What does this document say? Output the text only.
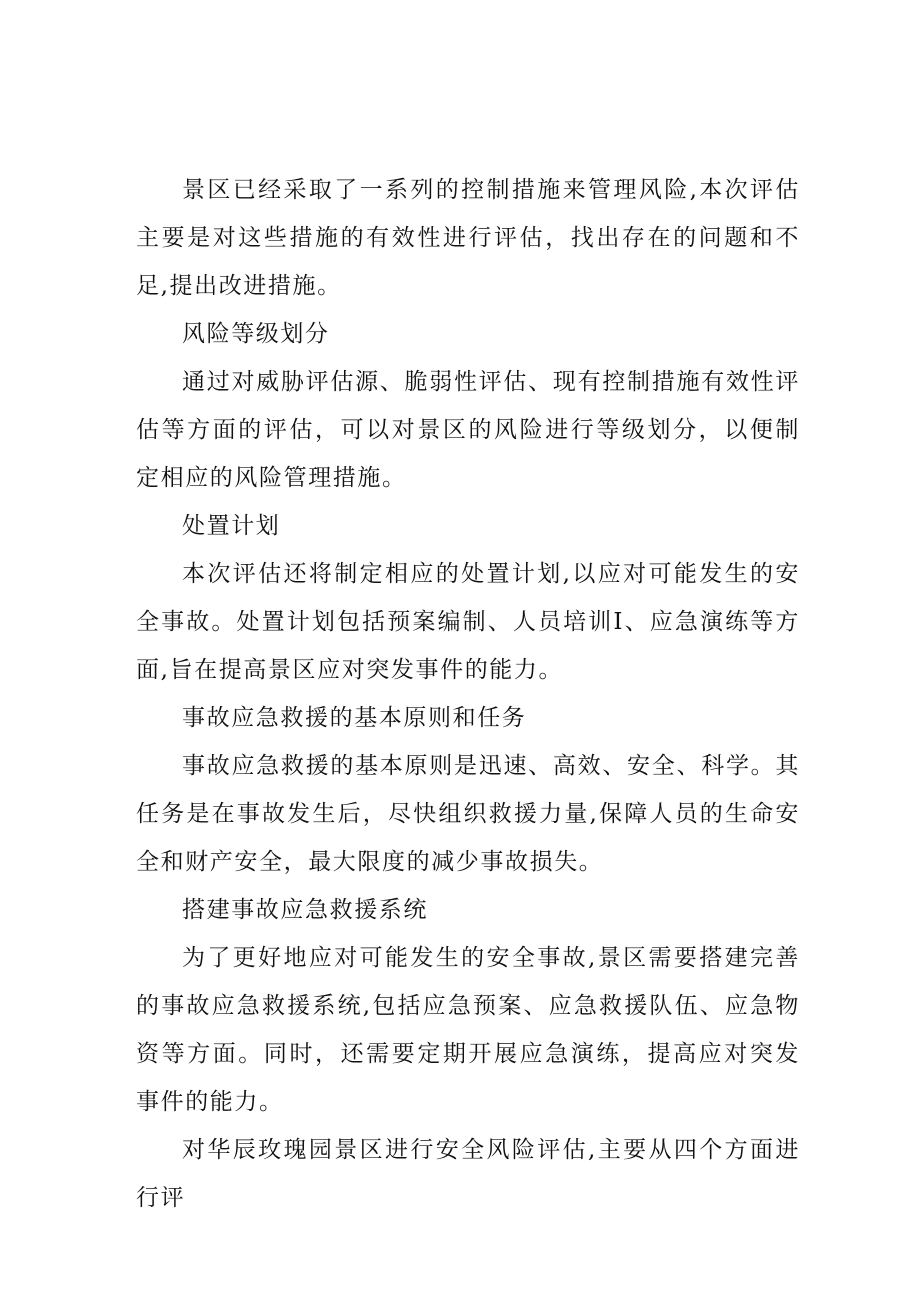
景区已经采取了一系列的控制措施来管理风险,本次评估主要是对这些措施的有效性进行评估，找出存在的问题和不足,提出改进措施。

风险等级划分

通过对威胁评估源、脆弱性评估、现有控制措施有效性评估等方面的评估，可以对景区的风险进行等级划分，以便制定相应的风险管理措施。

处置计划

本次评估还将制定相应的处置计划,以应对可能发生的安全事故。处置计划包括预案编制、人员培训I、应急演练等方面,旨在提高景区应对突发事件的能力。

事故应急救援的基本原则和任务

事故应急救援的基本原则是迅速、高效、安全、科学。其任务是在事故发生后，尽快组织救援力量,保障人员的生命安全和财产安全，最大限度的减少事故损失。

搭建事故应急救援系统

为了更好地应对可能发生的安全事故,景区需要搭建完善的事故应急救援系统,包括应急预案、应急救援队伍、应急物资等方面。同时，还需要定期开展应急演练，提高应对突发事件的能力。

对华辰玫瑰园景区进行安全风险评估,主要从四个方面进行评
